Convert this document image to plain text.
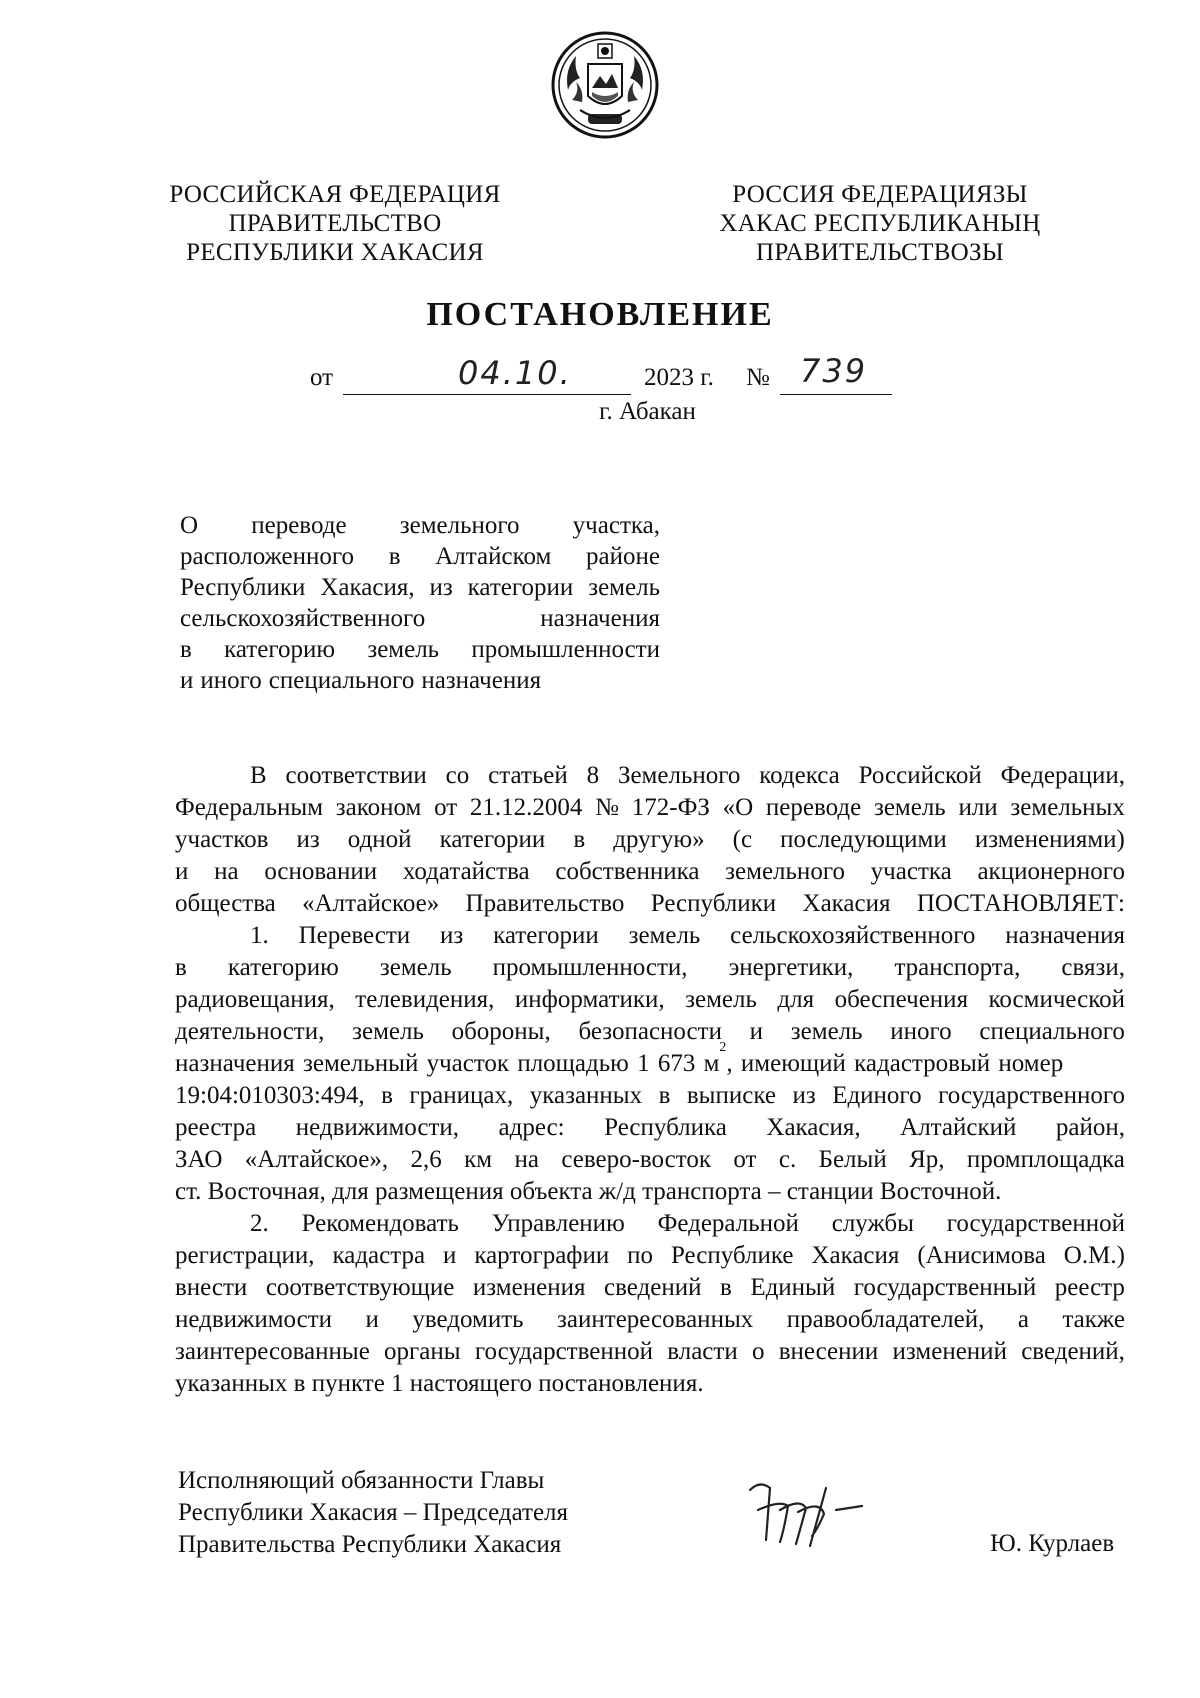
РОССИЙСКАЯ ФЕДЕРАЦИЯ
ПРАВИТЕЛЬСТВО
РЕСПУБЛИКИ ХАКАСИЯ
РОССИЯ ФЕДЕРАЦИЯЗЫ
ХАКАС РЕСПУБЛИКАНЫҢ
ПРАВИТЕЛЬСТВОЗЫ
ПОСТАНОВЛЕНИЕ
от	04.10.	2023 г. № 739
г. Абакан
О переводе земельного участка,
расположенного в Алтайском районе
Республики Хакасия, из категории земель
сельскохозяйственного	назначения
в категорию земель промышленности
и иного специального назначения
В соответствии со статьей 8 Земельного кодекса Российской Федерации,
Федеральным законом от 21.12.2004 № 172-ФЗ «О переводе земель или земельных
участков из одной категории в другую» (с последующими изменениями)
и на основании ходатайства собственника земельного участка акционерного
общества «Алтайское» Правительство Республики Хакасия ПОСТАНОВЛЯЕТ:
1. Перевести из категории земель сельскохозяйственного назначения
в категорию земель промышленности, энергетики, транспорта, связи,
радиовещания, телевидения, информатики, земель для обеспечения космической
деятельности, земель обороны, безопасности и земель иного специального
назначения земельный участок площадью 1 673 м
2
, имеющий кадастровый номер
19:04:010303:494, в границах, указанных в выписке из Единого государственного
реестра недвижимости, адрес: Республика Хакасия, Алтайский район,
ЗАО «Алтайское», 2,6 км на северо-восток от с. Белый Яр, промплощадка
ст. Восточная, для размещения объекта ж/д транспорта – станции Восточной.
2. Рекомендовать Управлению Федеральной службы государственной
регистрации, кадастра и картографии по Республике Хакасия (Анисимова О.М.)
внести соответствующие изменения сведений в Единый государственный реестр
недвижимости и уведомить заинтересованных правообладателей, а также
заинтересованные органы государственной власти о внесении изменений сведений,
указанных в пункте 1 настоящего постановления.
Исполняющий обязанности Главы
Республики Хакасия – Председателя
Правительства Республики Хакасия	Ю. Курлаев
